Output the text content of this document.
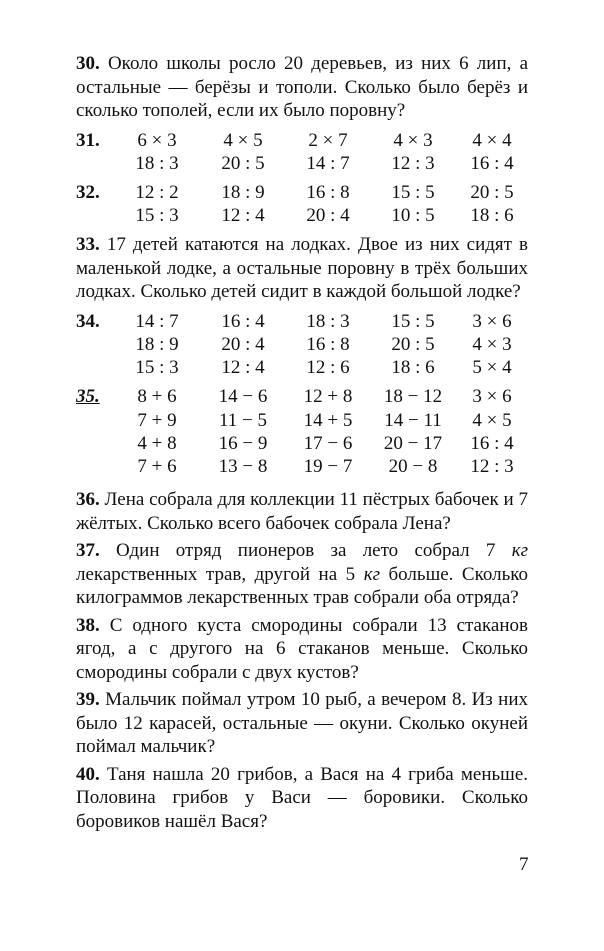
30. Около школы росло 20 деревьев, из них 6 лип, а остальные — берёзы и тополи. Сколько было берёз и сколько тополей, если их было поровну?

31.	6 × 3	4 × 5	2 × 7	4 × 3	4 × 4
18 : 3	20 : 5	14 : 7	12 : 3	16 : 4
32.	12 : 2	18 : 9	16 : 8	15 : 5	20 : 5
15 : 3	12 : 4	20 : 4	10 : 5	18 : 6

33. 17 детей катаются на лодках. Двое из них сидят в маленькой лодке, а остальные поровну в трёх больших лодках. Сколько детей сидит в каждой большой лодке?

34.	14 : 7	16 : 4	18 : 3	15 : 5	3 × 6
18 : 9	20 : 4	16 : 8	20 : 5	4 × 3
15 : 3	12 : 4	12 : 6	18 : 6	5 × 4
35.	8 + 6	14 − 6	12 + 8	18 − 12	3 × 6
7 + 9	11 − 5	14 + 5	14 − 11	4 × 5
4 + 8	16 − 9	17 − 6	20 − 17	16 : 4
7 + 6	13 − 8	19 − 7	20 − 8	12 : 3

36. Лена собрала для коллекции 11 пёстрых бабочек и 7 жёлтых. Сколько всего бабочек собрала Лена?

37. Один отряд пионеров за лето собрал 7 кг лекарственных трав, другой на 5 кг больше. Сколько килограммов лекарственных трав собрали оба отряда?

38. С одного куста смородины собрали 13 стаканов ягод, а с другого на 6 стаканов меньше. Сколько смородины собрали с двух кустов?

39. Мальчик поймал утром 10 рыб, а вечером 8. Из них было 12 карасей, остальные — окуни. Сколько окуней поймал мальчик?

40. Таня нашла 20 грибов, а Вася на 4 гриба меньше. Половина грибов у Васи — боровики. Сколько боровиков нашёл Вася?

7
